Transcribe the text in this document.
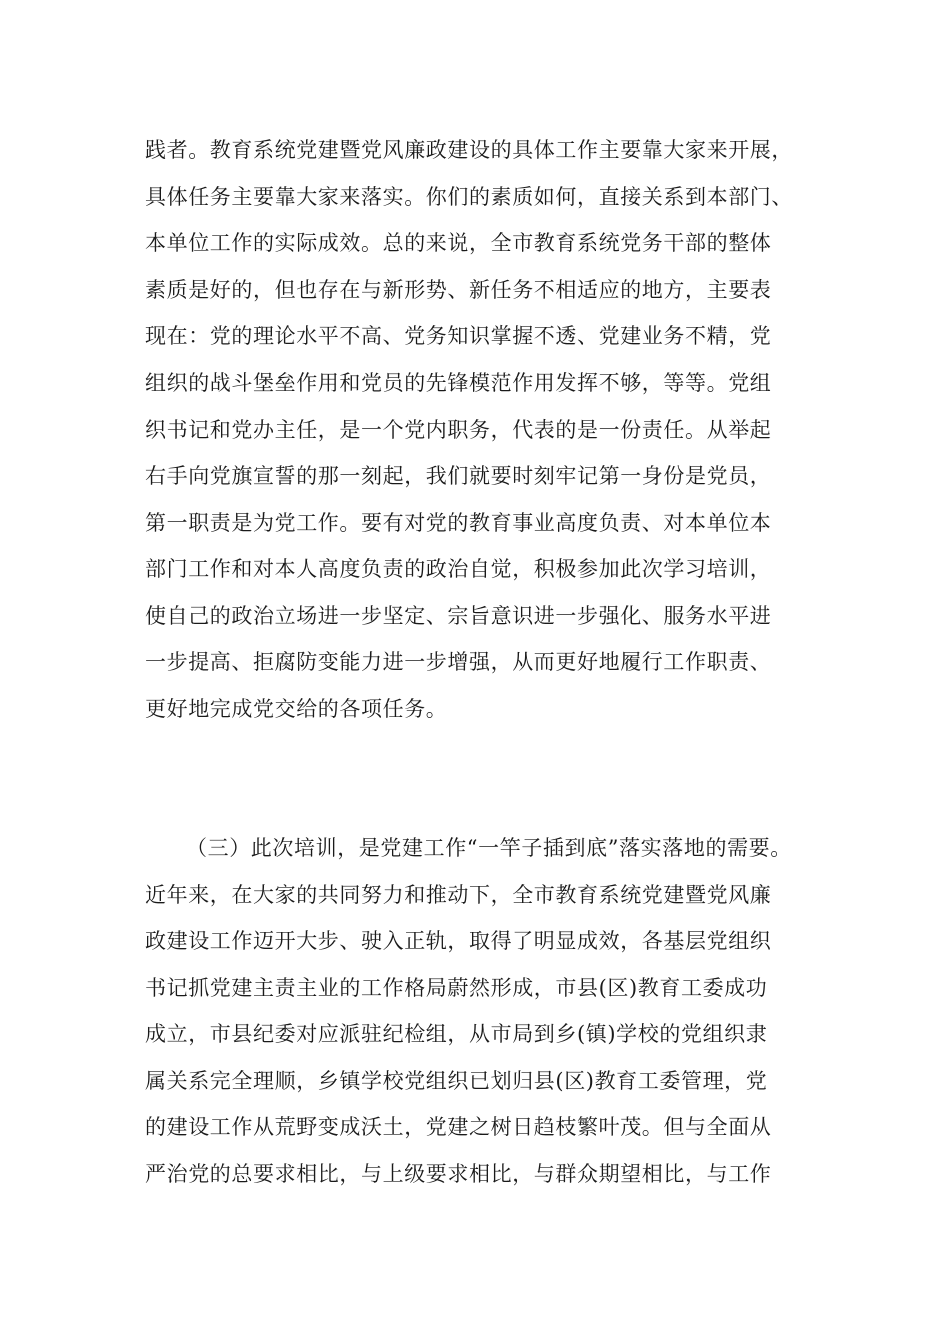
践者。教育系统党建暨党风廉政建设的具体工作主要靠大家来开展，
具体任务主要靠大家来落实。你们的素质如何，直接关系到本部门、
本单位工作的实际成效。总的来说，全市教育系统党务干部的整体
素质是好的，但也存在与新形势、新任务不相适应的地方，主要表
现在：党的理论水平不高、党务知识掌握不透、党建业务不精，党
组织的战斗堡垒作用和党员的先锋模范作用发挥不够，等等。党组
织书记和党办主任，是一个党内职务，代表的是一份责任。从举起
右手向党旗宣誓的那一刻起，我们就要时刻牢记第一身份是党员，
第一职责是为党工作。要有对党的教育事业高度负责、对本单位本
部门工作和对本人高度负责的政治自觉，积极参加此次学习培训，
使自己的政治立场进一步坚定、宗旨意识进一步强化、服务水平进
一步提高、拒腐防变能力进一步增强，从而更好地履行工作职责、
更好地完成党交给的各项任务。
（三）此次培训，是党建工作“一竿子插到底”落实落地的需要。
近年来，在大家的共同努力和推动下，全市教育系统党建暨党风廉
政建设工作迈开大步、驶入正轨，取得了明显成效，各基层党组织
书记抓党建主责主业的工作格局蔚然形成，市县(区)教育工委成功
成立，市县纪委对应派驻纪检组，从市局到乡(镇)学校的党组织隶
属关系完全理顺，乡镇学校党组织已划归县(区)教育工委管理，党
的建设工作从荒野变成沃土，党建之树日趋枝繁叶茂。但与全面从
严治党的总要求相比，与上级要求相比，与群众期望相比，与工作
